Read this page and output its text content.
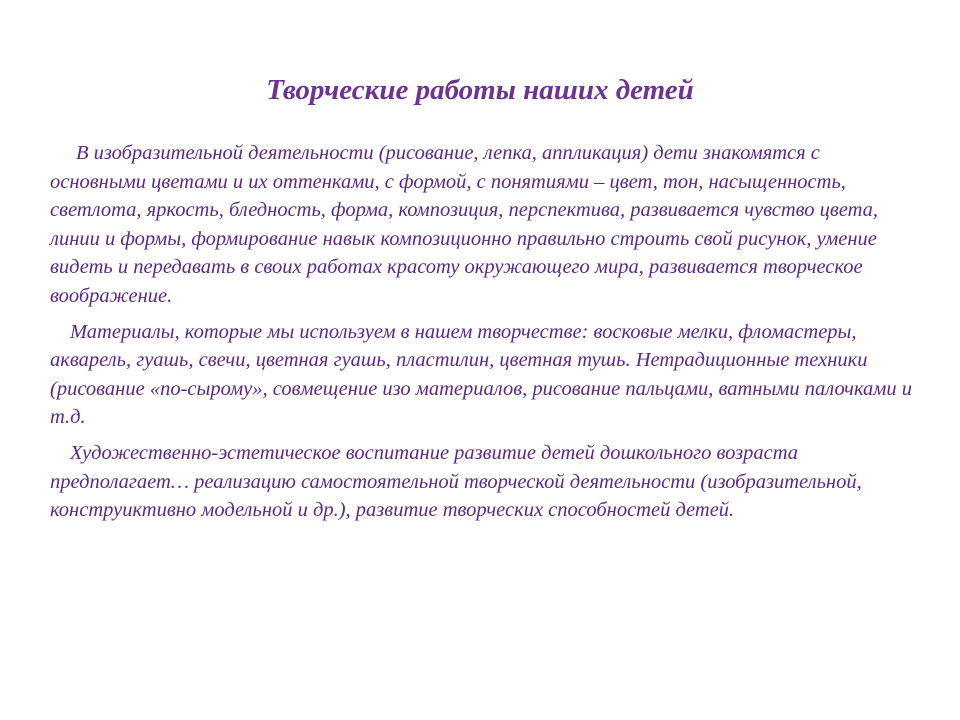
Творческие работы наших детей

В изобразительной деятельности (рисование, лепка, аппликация) дети знакомятся с основными цветами и их оттенками, с формой, с понятиями – цвет, тон, насыщенность, светлота, яркость, бледность, форма, композиция, перспектива, развивается чувство цвета, линии и формы, формирование навык композиционно правильно строить свой рисунок, умение видеть и передавать в своих работах красоту окружающего мира, развивается творческое воображение.

Материалы, которые мы используем в нашем творчестве: восковые мелки, фломастеры, акварель, гуашь, свечи, цветная гуашь, пластилин, цветная тушь. Нетрадиционные техники (рисование «по-сырому», совмещение изо материалов, рисование пальцами, ватными палочками и т.д.

Художественно-эстетическое воспитание развитие детей дошкольного возраста предполагает… реализацию самостоятельной творческой деятельности (изобразительной, конструиктивно модельной и др.), развитие творческих способностей детей.
